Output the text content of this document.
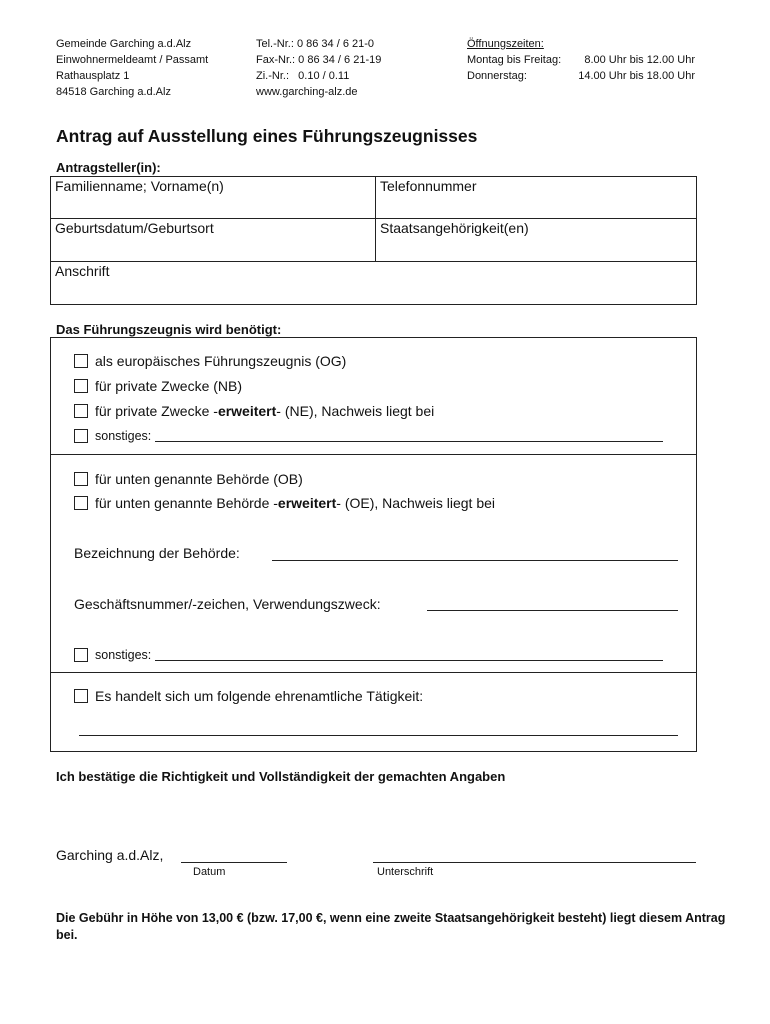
Gemeinde Garching a.d.Alz
Einwohnermeldeamt / Passamt
Rathausplatz 1
84518 Garching a.d.Alz
Tel.-Nr.: 0 86 34 / 6 21-0
Fax-Nr.: 0 86 34 / 6 21-19
Zi.-Nr.:   0.10 / 0.11
www.garching-alz.de
Öffnungszeiten:
Montag bis Freitag: 8.00 Uhr bis 12.00 Uhr
Donnerstag:	14.00 Uhr bis 18.00 Uhr
Antrag auf Ausstellung eines Führungszeugnisses
Antragsteller(in):
Familienname; Vorname(n)	Telefonnummer
Geburtsdatum/Geburtsort	Staatsangehörigkeit(en)
Anschrift
Das Führungszeugnis wird benötigt:
als europäisches Führungszeugnis (OG)
für private Zwecke (NB)
für private Zwecke -erweitert- (NE), Nachweis liegt bei
sonstiges:
für unten genannte Behörde (OB)
für unten genannte Behörde -erweitert- (OE), Nachweis liegt bei
Bezeichnung der Behörde:
Geschäftsnummer/-zeichen, Verwendungszweck:
sonstiges:
Es handelt sich um folgende ehrenamtliche Tätigkeit:
Ich bestätige die Richtigkeit und Vollständigkeit der gemachten Angaben
Garching a.d.Alz,
Datum	Unterschrift
Die Gebühr in Höhe von 13,00 € (bzw. 17,00 €, wenn eine zweite Staatsangehörigkeit besteht) liegt diesem Antrag bei.
